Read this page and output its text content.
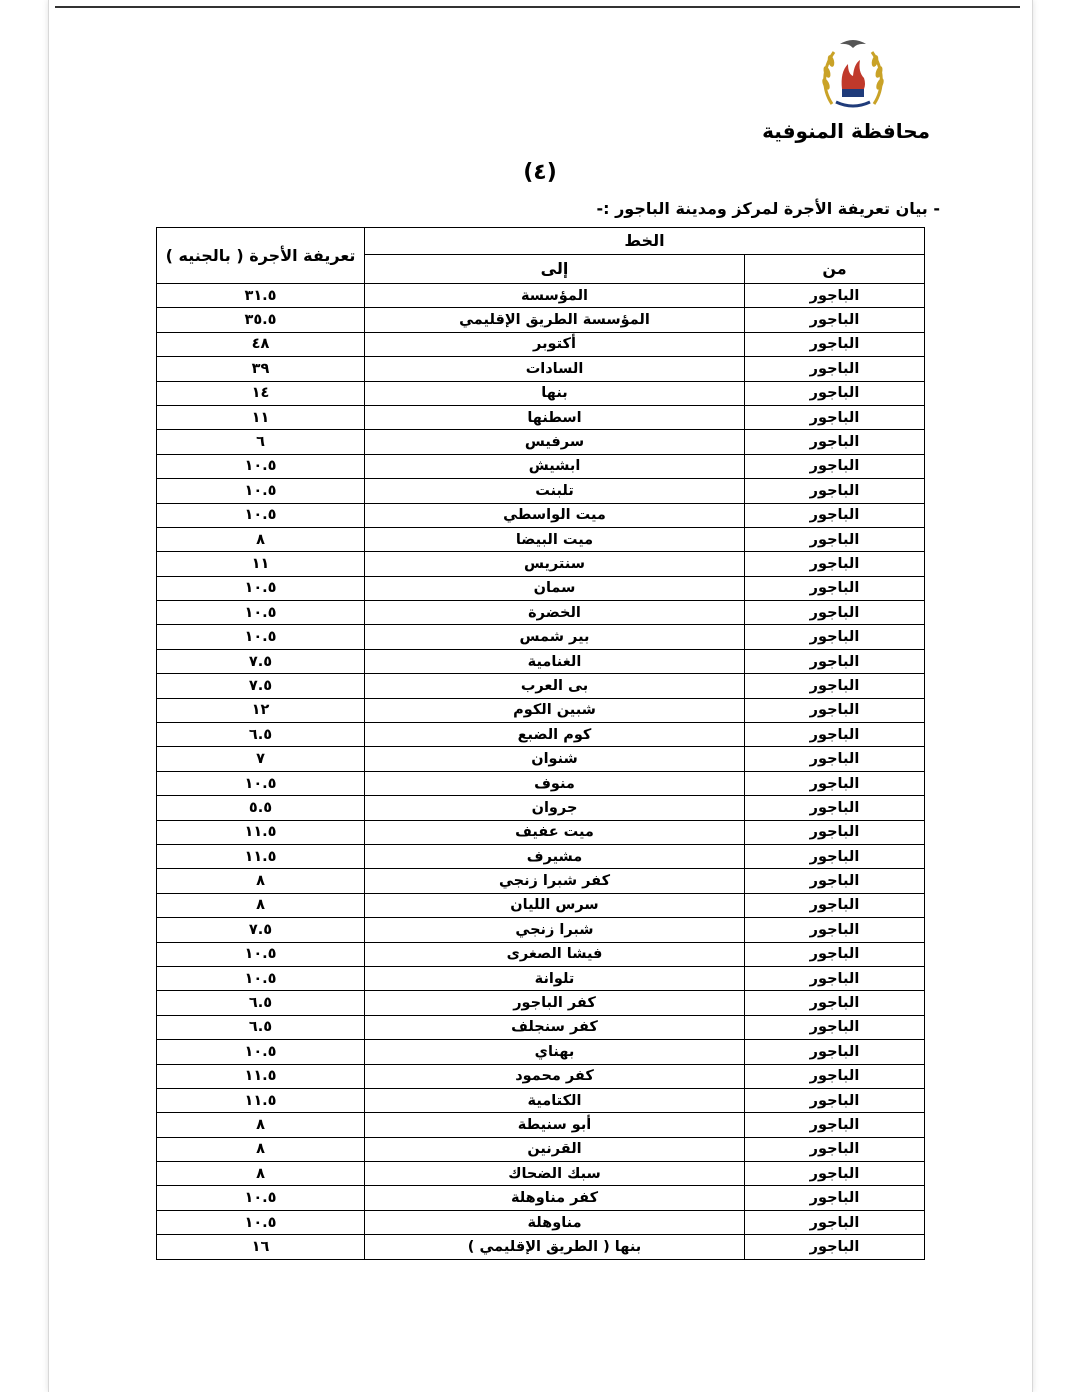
محافظة المنوفية
(٤)
- بيان تعريفة الأجرة لمركز ومدينة الباجور :-
الخط		تعريفة الأجرة ( بالجنيه )
من	إلى	
الباجور	المؤسسة	٣١.٥
الباجور	المؤسسة الطريق الإقليمي	٣٥.٥
الباجور	أكتوبر	٤٨
الباجور	السادات	٣٩
الباجور	بنها	١٤
الباجور	اسطنها	١١
الباجور	سرفيس	٦
الباجور	ابشيش	١٠.٥
الباجور	تلبنت	١٠.٥
الباجور	ميت الواسطي	١٠.٥
الباجور	ميت البيضا	٨
الباجور	سنتريس	١١
الباجور	سمان	١٠.٥
الباجور	الخضرة	١٠.٥
الباجور	بير شمس	١٠.٥
الباجور	الغنامية	٧.٥
الباجور	بى العرب	٧.٥
الباجور	شبين الكوم	١٢
الباجور	كوم الضبع	٦.٥
الباجور	شنوان	٧
الباجور	منوف	١٠.٥
الباجور	جروان	٥.٥
الباجور	ميت عفيف	١١.٥
الباجور	مشيرف	١١.٥
الباجور	كفر شبرا زنجي	٨
الباجور	سرس الليان	٨
الباجور	شبرا زنجي	٧.٥
الباجور	فيشا الصغرى	١٠.٥
الباجور	تلوانة	١٠.٥
الباجور	كفر الباجور	٦.٥
الباجور	كفر سنجلف	٦.٥
الباجور	بهناي	١٠.٥
الباجور	كفر محمود	١١.٥
الباجور	الكتامية	١١.٥
الباجور	أبو سنيطة	٨
الباجور	القرنين	٨
الباجور	سبك الضحاك	٨
الباجور	كفر مناوهلة	١٠.٥
الباجور	مناوهلة	١٠.٥
الباجور	بنها ( الطريق الإقليمي )	١٦
